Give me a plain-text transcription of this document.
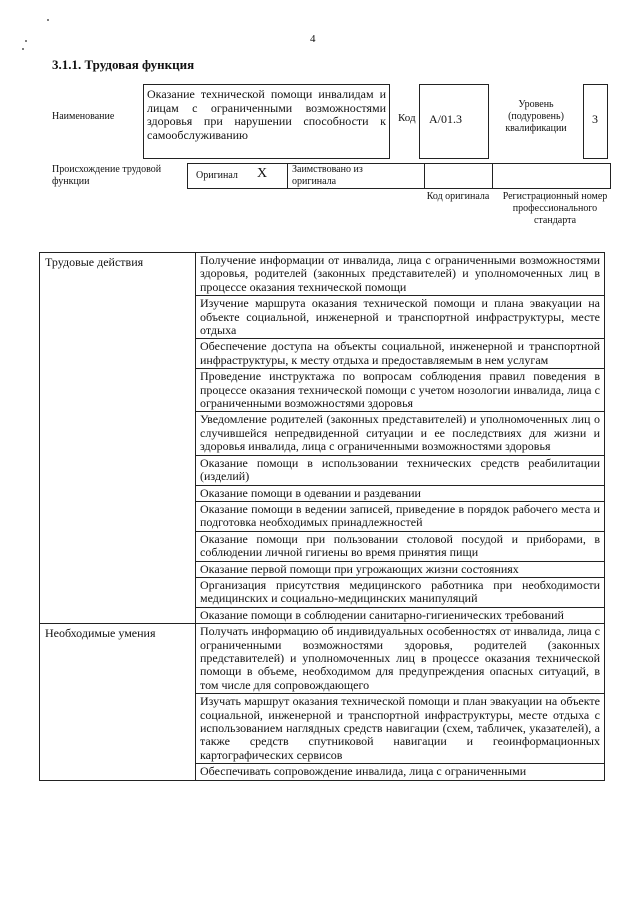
4
3.1.1. Трудовая функция
Наименование
Оказание технической помощи инвалидам и лицам с ограниченными возможностями здоровья при нарушении способности к самообслуживанию
Код А/01.3
Уровень (подуровень) квалификации
3
Происхождение трудовой функции
Оригинал X Заимствовано из оригинала
Код оригинала Регистрационный номер профессионального стандарта
Трудовые действия	Получение информации от инвалида, лица с ограниченными возможностями здоровья, родителей (законных представителей) и уполномоченных лиц в процессе оказания технической помощи
	Изучение маршрута оказания технической помощи и плана эвакуации на объекте социальной, инженерной и транспортной инфраструктуры, месте отдыха
	Обеспечение доступа на объекты социальной, инженерной и транспортной инфраструктуры, к месту отдыха и предоставляемым в нем услугам
	Проведение инструктажа по вопросам соблюдения правил поведения в процессе оказания технической помощи с учетом нозологии инвалида, лица с ограниченными возможностями здоровья
	Уведомление родителей (законных представителей) и уполномоченных лиц о случившейся непредвиденной ситуации и ее последствиях для жизни и здоровья инвалида, лица с ограниченными возможностями здоровья
	Оказание помощи в использовании технических средств реабилитации (изделий)
	Оказание помощи в одевании и раздевании
	Оказание помощи в ведении записей, приведение в порядок рабочего места и подготовка необходимых принадлежностей
	Оказание помощи при пользовании столовой посудой и приборами, в соблюдении личной гигиены во время принятия пищи
	Оказание первой помощи при угрожающих жизни состояниях
	Организация присутствия медицинского работника при необходимости медицинских и социально-медицинских манипуляций
	Оказание помощи в соблюдении санитарно-гигиенических требований
Необходимые умения	Получать информацию об индивидуальных особенностях от инвалида, лица с ограниченными возможностями здоровья, родителей (законных представителей) и уполномоченных лиц в процессе оказания технической помощи в объеме, необходимом для предупреждения опасных ситуаций, в том числе для сопровождающего
	Изучать маршрут оказания технической помощи и план эвакуации на объекте социальной, инженерной и транспортной инфраструктуры, месте отдыха с использованием наглядных средств навигации (схем, табличек, указателей), а также средств спутниковой навигации и геоинформационных картографических сервисов
	Обеспечивать сопровождение инвалида, лица с ограниченными
